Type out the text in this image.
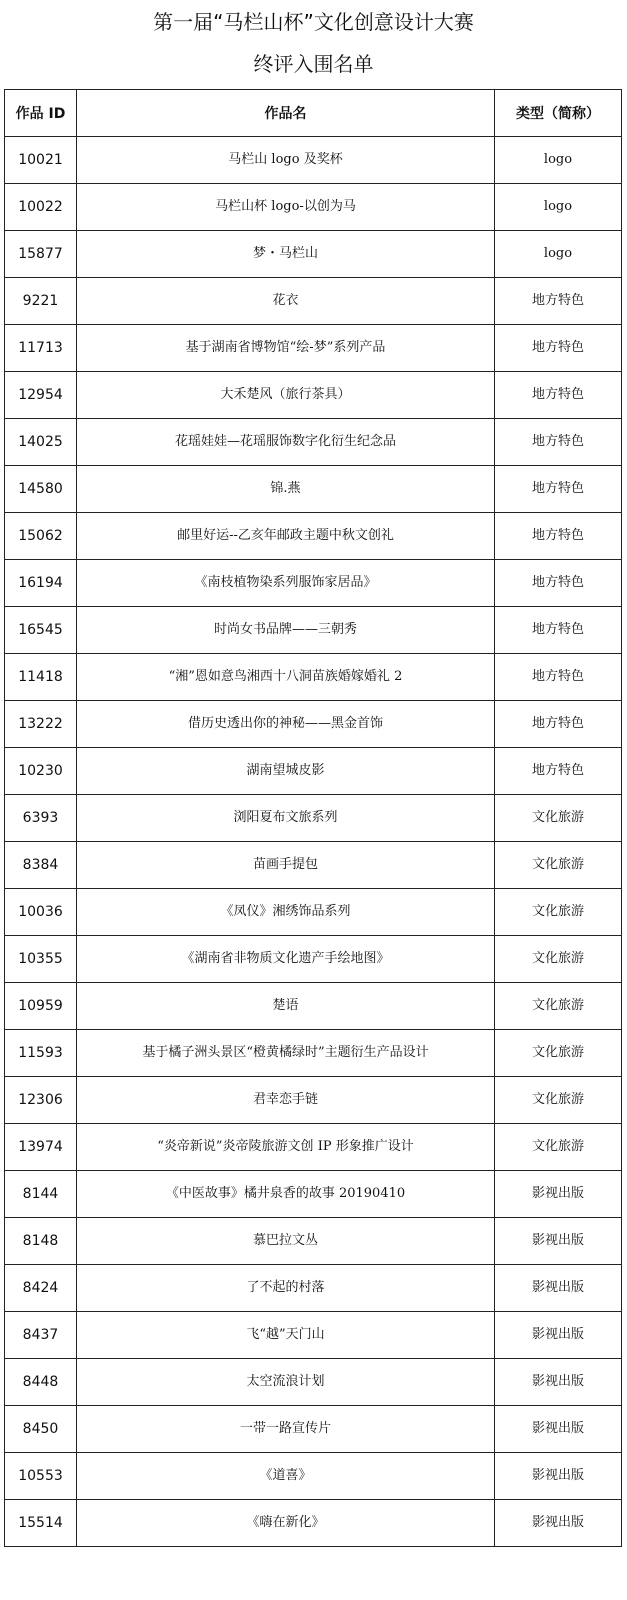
第一届“马栏山杯”文化创意设计大赛
终评入围名单
作品 ID	作品名	类型（简称）
10021	马栏山 logo 及奖杯	logo
10022	马栏山杯 logo-以创为马	logo
15877	梦・马栏山	logo
9221	花衣	地方特色
11713	基于湖南省博物馆“绘-梦”系列产品	地方特色
12954	大禾楚风（旅行茶具）	地方特色
14025	花瑶娃娃—花瑶服饰数字化衍生纪念品	地方特色
14580	锦.燕	地方特色
15062	邮里好运--乙亥年邮政主题中秋文创礼	地方特色
16194	《南枝植物染系列服饰家居品》	地方特色
16545	时尚女书品牌——三朝秀	地方特色
11418	“湘”恩如意鸟湘西十八洞苗族婚嫁婚礼 2	地方特色
13222	借历史透出你的神秘——黑金首饰	地方特色
10230	湖南望城皮影	地方特色
6393	浏阳夏布文旅系列	文化旅游
8384	苗画手提包	文化旅游
10036	《凤仪》湘绣饰品系列	文化旅游
10355	《湖南省非物质文化遗产手绘地图》	文化旅游
10959	楚语	文化旅游
11593	基于橘子洲头景区“橙黄橘绿时”主题衍生产品设计	文化旅游
12306	君幸恋手链	文化旅游
13974	“炎帝新说”炎帝陵旅游文创 IP 形象推广设计	文化旅游
8144	《中医故事》橘井泉香的故事 20190410	影视出版
8148	慕巴拉文丛	影视出版
8424	了不起的村落	影视出版
8437	飞“越”天门山	影视出版
8448	太空流浪计划	影视出版
8450	一带一路宣传片	影视出版
10553	《道喜》	影视出版
15514	《嗨在新化》	影视出版
